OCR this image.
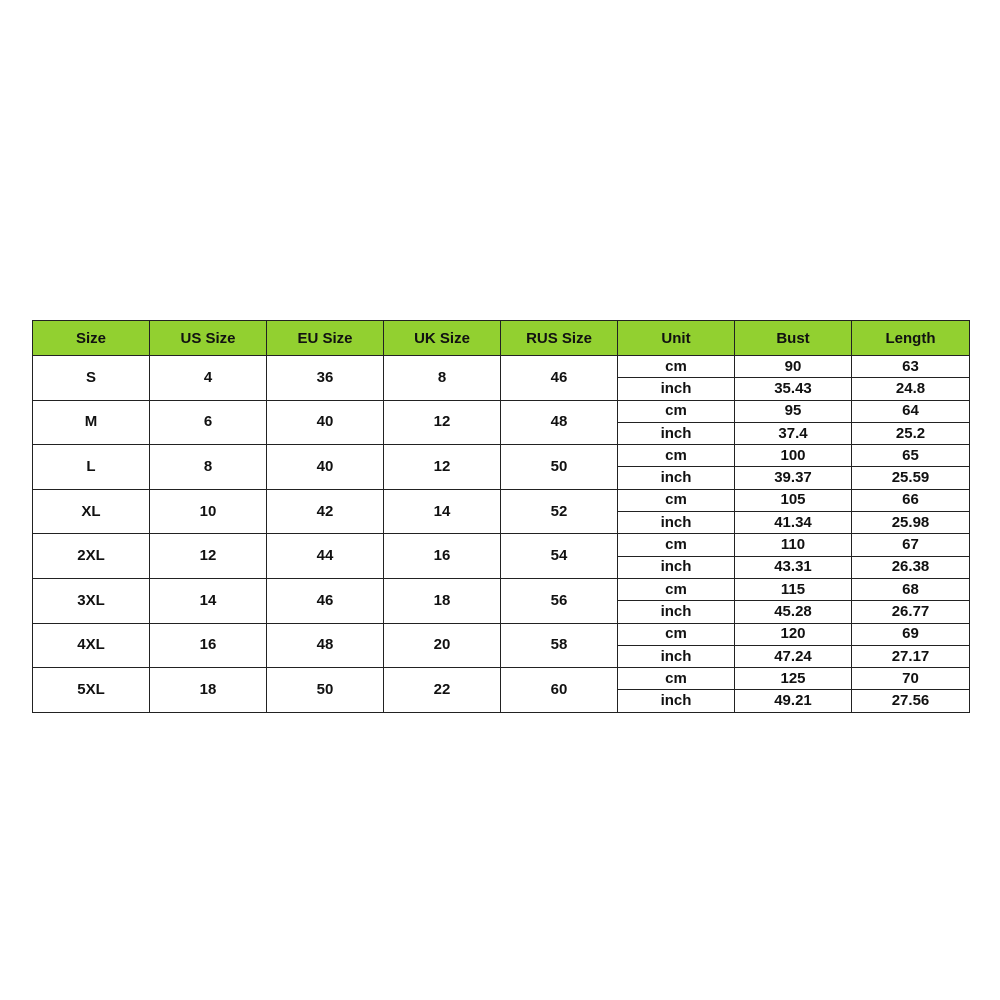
Size	US Size	EU Size	UK Size	RUS Size	Unit	Bust	Length
S	4	36	8	46	cm	90	63
					inch	35.43	24.8
M	6	40	12	48	cm	95	64
					inch	37.4	25.2
L	8	40	12	50	cm	100	65
					inch	39.37	25.59
XL	10	42	14	52	cm	105	66
					inch	41.34	25.98
2XL	12	44	16	54	cm	110	67
					inch	43.31	26.38
3XL	14	46	18	56	cm	115	68
					inch	45.28	26.77
4XL	16	48	20	58	cm	120	69
					inch	47.24	27.17
5XL	18	50	22	60	cm	125	70
					inch	49.21	27.56
